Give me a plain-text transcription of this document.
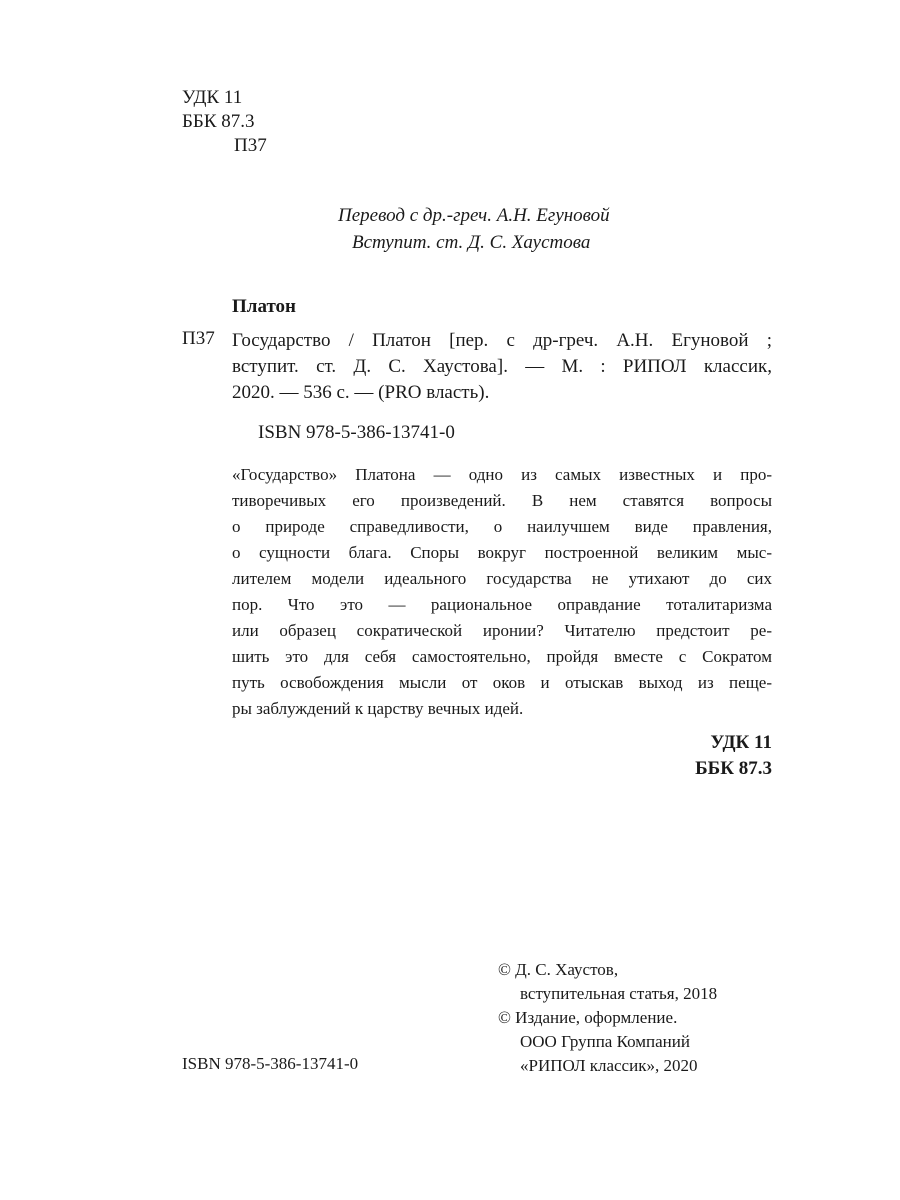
УДК 11
ББК 87.3
П37
Перевод с др.-греч. А.Н. Егуновой
Вступит. ст. Д. С. Хаустова
Платон
П37 Государство / Платон [пер. с др-греч. А.Н. Егуновой ;
вступит. ст. Д. С. Хаустова]. — М. : РИПОЛ классик,
2020. — 536 с. — (PRO власть).
ISBN 978-5-386-13741-0
«Государство» Платона — одно из самых известных и про-
тиворечивых его произведений. В нем ставятся вопросы
о природе справедливости, о наилучшем виде правления,
о сущности блага. Споры вокруг построенной великим мыс-
лителем модели идеального государства не утихают до сих
пор. Что это — рациональное оправдание тоталитаризма
или образец сократической иронии? Читателю предстоит ре-
шить это для себя самостоятельно, пройдя вместе с Сократом
путь освобождения мысли от оков и отыскав выход из пеще-
ры заблуждений к царству вечных идей.
УДК 11
ББК 87.3
© Д. С. Хаустов,
вступительная статья, 2018
© Издание, оформление.
ООО Группа Компаний
«РИПОЛ классик», 2020
ISBN 978-5-386-13741-0
